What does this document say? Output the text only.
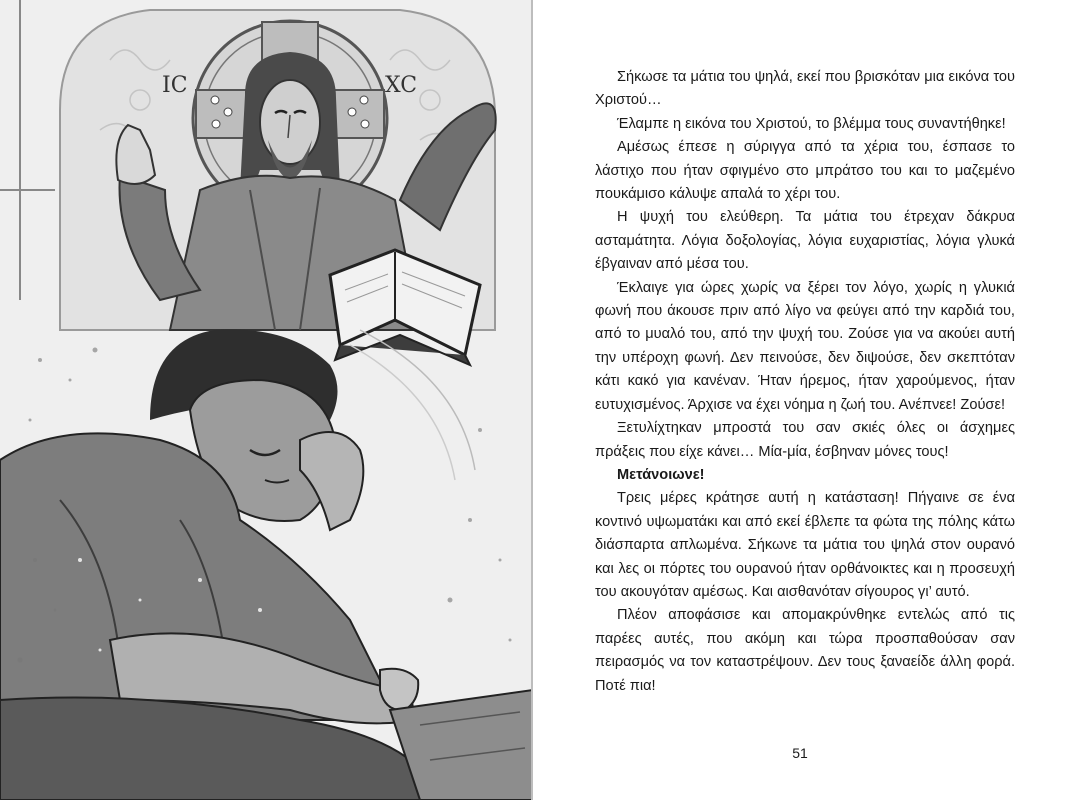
IC	XC	Σήκωσε τα μάτια του ψηλά, εκεί που βρισκόταν μια εικόνα του Χριστού…

Έλαμπε η εικόνα του Χριστού, το βλέμμα τους συναντήθηκε!

Αμέσως έπεσε η σύριγγα από τα χέρια του, έσπασε το λάστιχο που ήταν σφιγμένο στο μπράτσο του και το μαζεμένο πουκάμισο κάλυψε απαλά το χέρι του.

Η ψυχή του ελεύθερη. Τα μάτια του έτρεχαν δάκρυα ασταμάτητα. Λόγια δοξολογίας, λόγια ευχαριστίας, λόγια γλυκά έβγαιναν από μέσα του.

Έκλαιγε για ώρες χωρίς να ξέρει τον λόγο, χωρίς η γλυκιά φωνή που άκουσε πριν από λίγο να φεύγει από την καρδιά του, από το μυαλό του, από την ψυχή του. Ζούσε για να ακούει αυτή την υπέροχη φωνή. Δεν πεινούσε, δεν διψούσε, δεν σκεπτόταν κάτι κακό για κανέναν. Ήταν ήρεμος, ήταν χαρούμενος, ήταν ευτυχισμένος. Άρχισε να έχει νόημα η ζωή του. Ανέπνεε! Ζούσε!

Ξετυλίχτηκαν μπροστά του σαν σκιές όλες οι άσχημες πράξεις που είχε κάνει… Μία-μία, έσβηναν μόνες τους!

Μετάνοιωνε!

Τρεις μέρες κράτησε αυτή η κατάσταση! Πήγαινε σε ένα κοντινό υψωματάκι και από εκεί έβλεπε τα φώτα της πόλης κάτω διάσπαρτα απλωμένα. Σήκωνε τα μάτια του ψηλά στον ουρανό και λες οι πόρτες του ουρανού ήταν ορθάνοικτες και η προσευχή του ακουγόταν αμέσως. Και αισθανόταν σίγουρος γι’ αυτό.

Πλέον αποφάσισε και απομακρύνθηκε εντελώς από τις παρέες αυτές, που ακόμη και τώρα προσπαθούσαν σαν πειρασμός να τον καταστρέψουν. Δεν τους ξαναείδε άλλη φορά. Ποτέ πια!

51
